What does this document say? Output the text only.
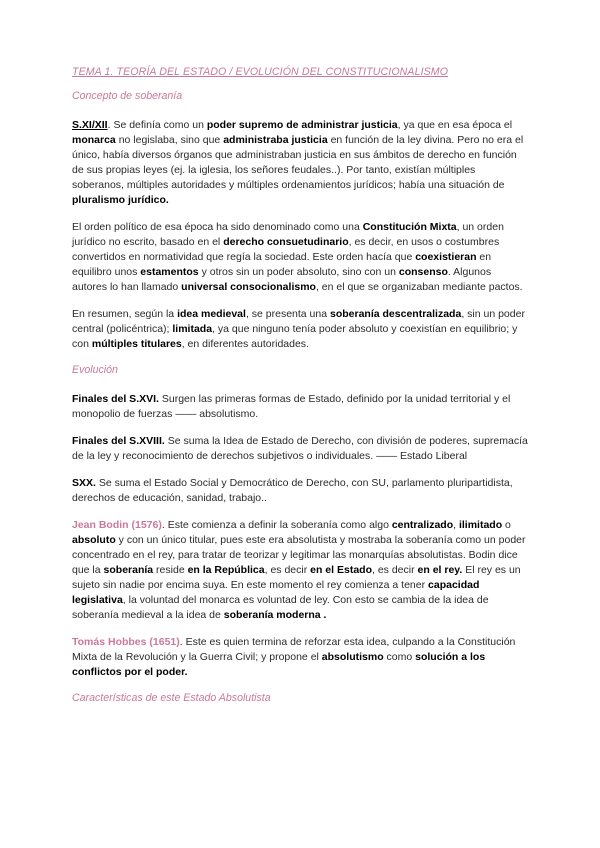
TEMA 1. TEORÍA DEL ESTADO / EVOLUCIÓN DEL CONSTITUCIONALISMO
Concepto de soberanía

S.XI/XII. Se definía como un poder supremo de administrar justicia, ya que en esa época el monarca no legislaba, sino que administraba justicia en función de la ley divina. Pero no era el único, había diversos órganos que administraban justicia en sus ámbitos de derecho en función de sus propias leyes (ej. la iglesia, los señores feudales..). Por tanto, existían múltiples soberanos, múltiples autoridades y múltiples ordenamientos jurídicos; había una situación de pluralismo jurídico.

El orden político de esa época ha sido denominado como una Constitución Mixta, un orden jurídico no escrito, basado en el derecho consuetudinario, es decir, en usos o costumbres convertidos en normatividad que regía la sociedad. Este orden hacía que coexistieran en equilibro unos estamentos y otros sin un poder absoluto, sino con un consenso. Algunos autores lo han llamado universal consocionalismo, en el que se organizaban mediante pactos.

En resumen, según la idea medieval, se presenta una soberanía descentralizada, sin un poder central (policéntrica); limitada, ya que ninguno tenía poder absoluto y coexistían en equilibrio; y con múltiples titulares, en diferentes autoridades.

Evolución

Finales del S.XVI. Surgen las primeras formas de Estado, definido por la unidad territorial y el monopolio de fuerzas —— absolutismo.

Finales del S.XVIII. Se suma la Idea de Estado de Derecho, con división de poderes, supremacía de la ley y reconocimiento de derechos subjetivos o individuales. —— Estado Liberal

SXX. Se suma el Estado Social y Democrático de Derecho, con SU, parlamento pluripartidista, derechos de educación, sanidad, trabajo..

Jean Bodin (1576). Este comienza a definir la soberanía como algo centralizado, ilimitado o absoluto y con un único titular, pues este era absolutista y mostraba la soberanía como un poder concentrado en el rey, para tratar de teorizar y legitimar las monarquías absolutistas. Bodin dice que la soberanía reside en la República, es decir en el Estado, es decir en el rey. El rey es un sujeto sin nadie por encima suya. En este momento el rey comienza a tener capacidad legislativa, la voluntad del monarca es voluntad de ley. Con esto se cambia de la idea de soberanía medieval a la idea de soberanía moderna .

Tomás Hobbes (1651). Este es quien termina de reforzar esta idea, culpando a la Constitución Mixta de la Revolución y la Guerra Civil; y propone el absolutismo como solución a los conflictos por el poder.

Características de este Estado Absolutista
